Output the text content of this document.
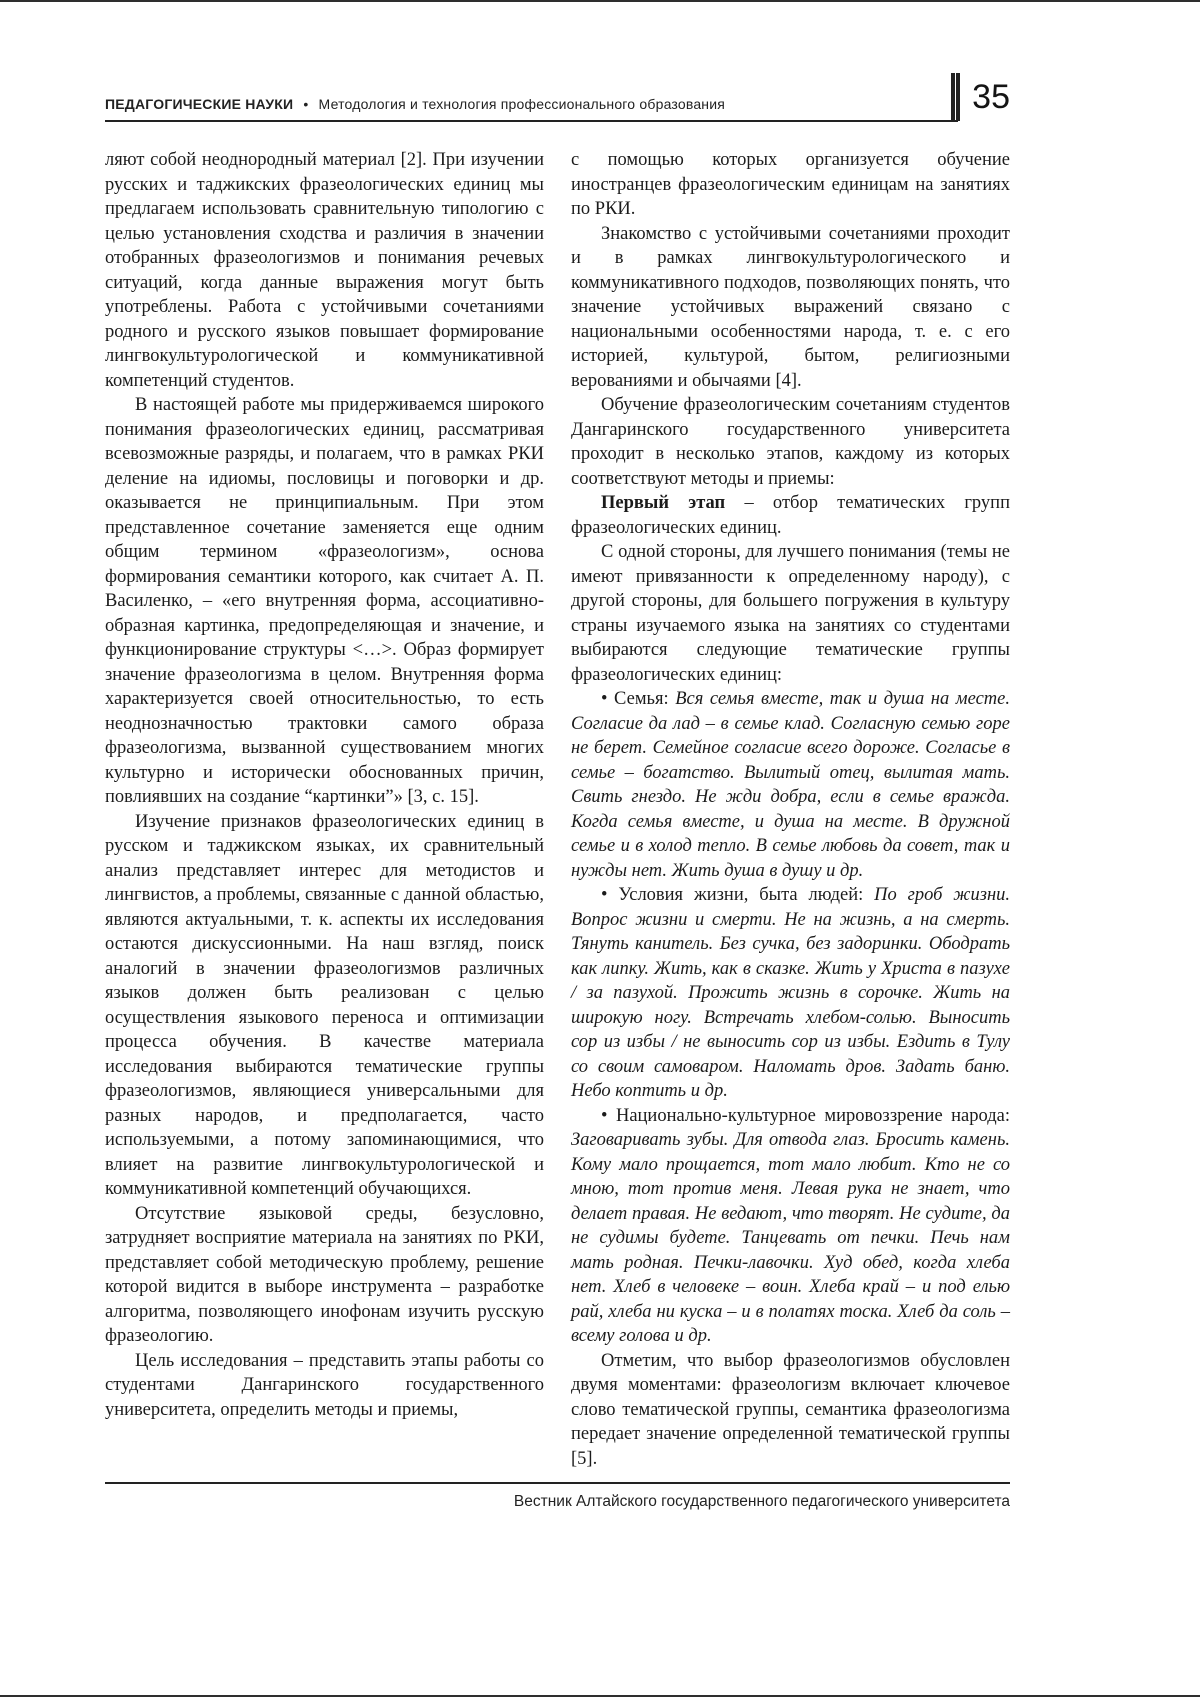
ПЕДАГОГИЧЕСКИЕ НАУКИ • Методология и технология профессионального образования	35

ляют собой неоднородный материал [2]. При изучении русских и таджикских фразеологических единиц мы предлагаем использовать сравнительную типологию с целью установления сходства и различия в значении отобранных фразеологизмов и понимания речевых ситуаций, когда данные выражения могут быть употреблены. Работа с устойчивыми сочетаниями родного и русского языков повышает формирование лингвокультурологической и коммуникативной компетенций студентов.

В настоящей работе мы придерживаемся широкого понимания фразеологических единиц, рассматривая всевозможные разряды, и полагаем, что в рамках РКИ деление на идиомы, пословицы и поговорки и др. оказывается не принципиальным. При этом представленное сочетание заменяется еще одним общим термином «фразеологизм», основа формирования семантики которого, как считает А. П. Василенко, – «его внутренняя форма, ассоциативно-образная картинка, предопределяющая и значение, и функционирование структуры <…>. Образ формирует значение фразеологизма в целом. Внутренняя форма характеризуется своей относительностью, то есть неоднозначностью трактовки самого образа фразеологизма, вызванной существованием многих культурно и исторически обоснованных причин, повлиявших на создание “картинки”» [3, с. 15].

Изучение признаков фразеологических единиц в русском и таджикском языках, их сравнительный анализ представляет интерес для методистов и лингвистов, а проблемы, связанные с данной областью, являются актуальными, т. к. аспекты их исследования остаются дискуссионными. На наш взгляд, поиск аналогий в значении фразеологизмов различных языков должен быть реализован с целью осуществления языкового переноса и оптимизации процесса обучения. В качестве материала исследования выбираются тематические группы фразеологизмов, являющиеся универсальными для разных народов, и предполагается, часто используемыми, а потому запоминающимися, что влияет на развитие лингвокультурологической и коммуникативной компетенций обучающихся.

Отсутствие языковой среды, безусловно, затрудняет восприятие материала на занятиях по РКИ, представляет собой методическую проблему, решение которой видится в выборе инструмента – разработке алгоритма, позволяющего инофонам изучить русскую фразеологию.

Цель исследования – представить этапы работы со студентами Дангаринского государственного университета, определить методы и приемы,

с помощью которых организуется обучение иностранцев фразеологическим единицам на занятиях по РКИ.

Знакомство с устойчивыми сочетаниями проходит и в рамках лингвокультурологического и коммуникативного подходов, позволяющих понять, что значение устойчивых выражений связано с национальными особенностями народа, т. е. с его историей, культурой, бытом, религиозными верованиями и обычаями [4].

Обучение фразеологическим сочетаниям студентов Дангаринского государственного университета проходит в несколько этапов, каждому из которых соответствуют методы и приемы:

Первый этап – отбор тематических групп фразеологических единиц.

С одной стороны, для лучшего понимания (темы не имеют привязанности к определенному народу), с другой стороны, для большего погружения в культуру страны изучаемого языка на занятиях со студентами выбираются следующие тематические группы фразеологических единиц:

• Семья: Вся семья вместе, так и душа на месте. Согласие да лад – в семье клад. Согласную семью горе не берет. Семейное согласие всего дороже. Согласье в семье – богатство. Вылитый отец, вылитая мать. Свить гнездо. Не жди добра, если в семье вражда. Когда семья вместе, и душа на месте. В дружной семье и в холод тепло. В семье любовь да совет, так и нужды нет. Жить душа в душу и др.

• Условия жизни, быта людей: По гроб жизни. Вопрос жизни и смерти. Не на жизнь, а на смерть. Тянуть канитель. Без сучка, без задоринки. Ободрать как липку. Жить, как в сказке. Жить у Христа в пазухе / за пазухой. Прожить жизнь в сорочке. Жить на широкую ногу. Встречать хлебом-солью. Выносить сор из избы / не выносить сор из избы. Ездить в Тулу со своим самоваром. Наломать дров. Задать баню. Небо коптить и др.

• Национально-культурное мировоззрение народа: Заговаривать зубы. Для отвода глаз. Бросить камень. Кому мало прощается, тот мало любит. Кто не со мною, тот против меня. Левая рука не знает, что делает правая. Не ведают, что творят. Не судите, да не судимы будете. Танцевать от печки. Печь нам мать родная. Печки-лавочки. Худ обед, когда хлеба нет. Хлеб в человеке – воин. Хлеба край – и под елью рай, хлеба ни куска – и в полатях тоска. Хлеб да соль – всему голова и др.

Отметим, что выбор фразеологизмов обусловлен двумя моментами: фразеологизм включает ключевое слово тематической группы, семантика фразеологизма передает значение определенной тематической группы [5].

Вестник Алтайского государственного педагогического университета
